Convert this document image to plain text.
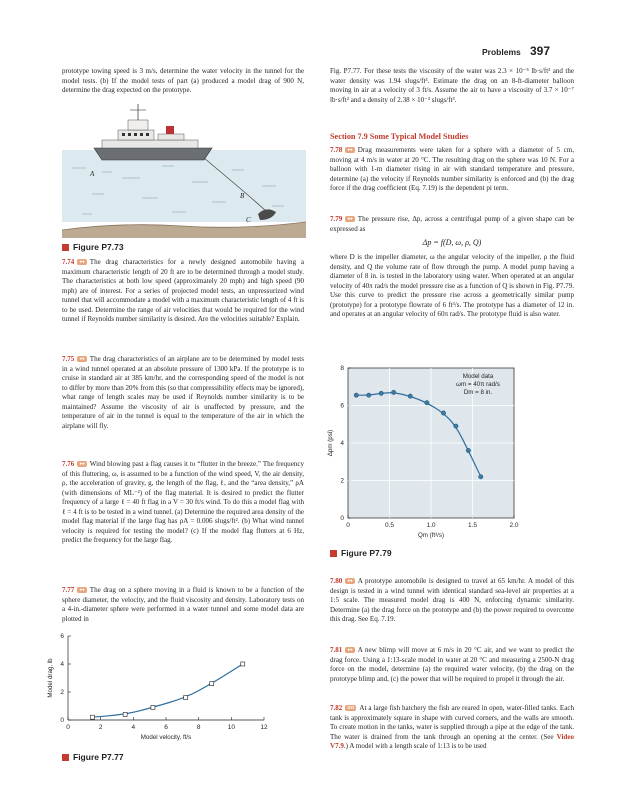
Problems 397
prototype towing speed is 3 m/s, determine the water velocity in the tunnel for the model tests. (b) If the model tests of part (a) produced a model drag of 900 N, determine the drag expected on the prototype.
A
B
C
Figure P7.73
7.74 ●● The drag characteristics for a newly designed automobile having a maximum characteristic length of 20 ft are to be determined through a model study. The characteristics at both low speed (approximately 20 mph) and high speed (90 mph) are of interest. For a series of projected model tests, an unpressurized wind tunnel that will accommodate a model with a maximum characteristic length of 4 ft is to be used. Determine the range of air velocities that would be required for the wind tunnel if Reynolds number similarity is desired. Are the velocities suitable? Explain.
7.75 ●● The drag characteristics of an airplane are to be determined by model tests in a wind tunnel operated at an absolute pressure of 1300 kPa. If the prototype is to cruise in standard air at 385 km/hr, and the corresponding speed of the model is not to differ by more than 20% from this (so that compressibility effects may be ignored), what range of length scales may be used if Reynolds number similarity is to be maintained? Assume the viscosity of air is unaffected by pressure, and the temperature of air in the tunnel is equal to the temperature of the air in which the airplane will fly.
7.76 ●● Wind blowing past a flag causes it to “flutter in the breeze.” The frequency of this fluttering, ω, is assumed to be a function of the wind speed, V, the air density, ρ, the acceleration of gravity, g, the length of the flag, ℓ, and the “area density,” ρA (with dimensions of ML⁻²) of the flag material. It is desired to predict the flutter frequency of a large ℓ = 40 ft flag in a V = 30 ft/s wind. To do this a model flag with ℓ = 4 ft is to be tested in a wind tunnel. (a) Determine the required area density of the model flag material if the large flag has ρA = 0.006 slugs/ft². (b) What wind tunnel velocity is required for testing the model? (c) If the model flag flutters at 6 Hz, predict the frequency for the large flag.
7.77 ●● The drag on a sphere moving in a fluid is known to be a function of the sphere diameter, the velocity, and the fluid viscosity and density. Laboratory tests on a 4-in.-diameter sphere were performed in a water tunnel and some model data are plotted in
0	2	4	6	8	10	12
0
2
4
6
Model velocity, ft/s
Model drag, lb
Figure P7.77
Fig. P7.77. For these tests the viscosity of the water was 2.3 × 10⁻⁵ lb·s/ft² and the water density was 1.94 slugs/ft³. Estimate the drag on an 8-ft-diameter balloon moving in air at a velocity of 3 ft/s. Assume the air to have a viscosity of 3.7 × 10⁻⁷ lb·s/ft² and a density of 2.38 × 10⁻³ slugs/ft³.
Section 7.9 Some Typical Model Studies
7.78 ●● Drag measurements were taken for a sphere with a diameter of 5 cm, moving at 4 m/s in water at 20 °C. The resulting drag on the sphere was 10 N. For a balloon with 1-m diameter rising in air with standard temperature and pressure, determine (a) the velocity if Reynolds number similarity is enforced and (b) the drag force if the drag coefficient (Eq. 7.19) is the dependent pi term.
7.79 ●● The pressure rise, Δp, across a centrifugal pump of a given shape can be expressed as
Δp = f(D, ω, ρ, Q)
where D is the impeller diameter, ω the angular velocity of the impeller, ρ the fluid density, and Q the volume rate of flow through the pump. A model pump having a diameter of 8 in. is tested in the laboratory using water. When operated at an angular velocity of 40π rad/s the model pressure rise as a function of Q is shown in Fig. P7.79. Use this curve to predict the pressure rise across a geometrically similar pump (prototype) for a prototype flowrate of 6 ft³/s. The prototype has a diameter of 12 in. and operates at an angular velocity of 60π rad/s. The prototype fluid is also water.
0	0.5	1.0	1.5	2.0
0
2
4
6
8
Qm (ft³/s)
Δpm (psi)
Model data
ωm = 40π rad/s
Dm = 8 in.
Figure P7.79
7.80 ●● A prototype automobile is designed to travel at 65 km/hr. A model of this design is tested in a wind tunnel with identical standard sea-level air properties at a 1:5 scale. The measured model drag is 400 N, enforcing dynamic similarity. Determine (a) the drag force on the prototype and (b) the power required to overcome this drag. See Eq. 7.19.
7.81 ●● A new blimp will move at 6 m/s in 20 °C air, and we want to predict the drag force. Using a 1:13-scale model in water at 20 °C and measuring a 2500-N drag force on the model, determine (a) the required water velocity, (b) the drag on the prototype blimp and, (c) the power that will be required to propel it through the air.
7.82 GO At a large fish hatchery the fish are reared in open, water-filled tanks. Each tank is approximately square in shape with curved corners, and the walls are smooth. To create motion in the tanks, water is supplied through a pipe at the edge of the tank. The water is drained from the tank through an opening at the center. (See Video V7.9.) A model with a length scale of 1:13 is to be used
